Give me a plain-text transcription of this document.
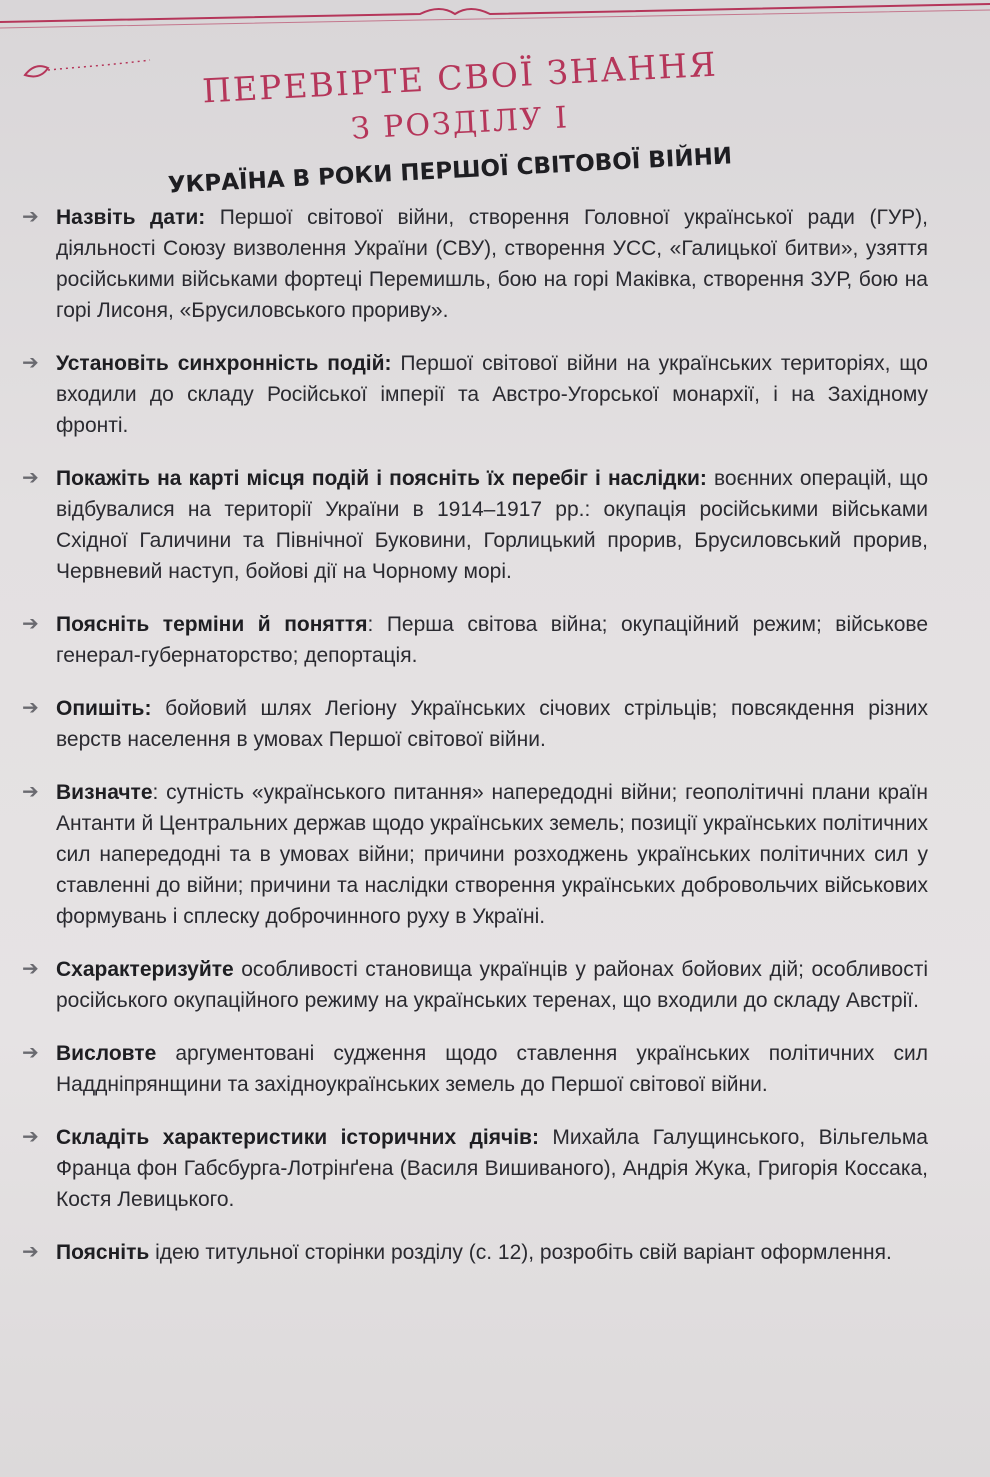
ПЕРЕВІРТЕ СВОЇ ЗНАННЯ
З РОЗДІЛУ І
УКРАЇНА В РОКИ ПЕРШОЇ СВІТОВОЇ ВІЙНИ
➔ Назвіть дати: Першої світової війни, створення Головної української ради (ГУР), діяльності Союзу визволення України (СВУ), створення УСС, «Галицької битви», узяття російськими військами фортеці Перемишль, бою на горі Маківка, створення ЗУР, бою на горі Лисоня, «Брусиловського прориву».
➔ Установіть синхронність подій: Першої світової війни на українських територіях, що входили до складу Російської імперії та Австро-Угорської монархії, і на Західному фронті.
➔ Покажіть на карті місця подій і поясніть їх перебіг і наслідки: воєнних операцій, що відбувалися на території України в 1914–1917 рр.: окупація російськими військами Східної Галичини та Північної Буковини, Горлицький прорив, Брусиловський прорив, Червневий наступ, бойові дії на Чорному морі.
➔ Поясніть терміни й поняття: Перша світова війна; окупаційний режим; військове генерал-губернаторство; депортація.
➔ Опишіть: бойовий шлях Легіону Українських січових стрільців; повсякдення різних верств населення в умовах Першої світової війни.
➔ Визначте: сутність «українського питання» напередодні війни; геополітичні плани країн Антанти й Центральних держав щодо українських земель; позиції українських політичних сил напередодні та в умовах війни; причини розходжень українських політичних сил у ставленні до війни; причини та наслідки створення українських добровольчих військових формувань і сплеску доброчинного руху в Україні.
➔ Схарактеризуйте особливості становища українців у районах бойових дій; особливості російського окупаційного режиму на українських теренах, що входили до складу Австрії.
➔ Висловте аргументовані судження щодо ставлення українських політичних сил Наддніпрянщини та західноукраїнських земель до Першої світової війни.
➔ Складіть характеристики історичних діячів: Михайла Галущинського, Вільгельма Франца фон Габсбурга-Лотрінґена (Василя Вишиваного), Андрія Жука, Григорія Коссака, Костя Левицького.
➔ Поясніть ідею титульної сторінки розділу (с. 12), розробіть свій варіант оформлення.
